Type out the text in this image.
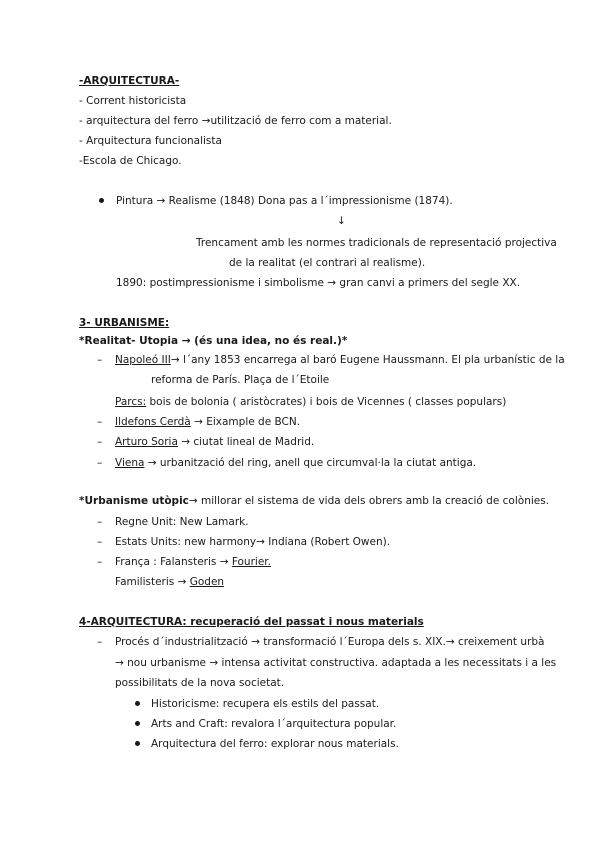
-ARQUITECTURA-
- Corrent historicista
- arquitectura del ferro →utilització de ferro com a material.
- Arquitectura funcionalista
-Escola de Chicago.
Pintura → Realisme (1848) Dona pas a l´impressionisme (1874).
↓
Trencament amb les normes tradicionals de representació projectiva
de la realitat (el contrari al realisme).
1890: postimpressionisme i simbolisme → gran canvi a primers del segle XX.
3- URBANISME:
*Realitat- Utopia → (és una idea, no és real.)*
– Napoleó III→ l´any 1853 encarrega al baró Eugene Haussmann. El pla urbanístic de la
reforma de París. Plaça de l´Etoile
Parcs: bois de bolonia ( aristòcrates) i bois de Vicennes ( classes populars)
– Ildefons Cerdà → Eixample de BCN.
– Arturo Soria → ciutat lineal de Madrid.
– Viena → urbanització del ring, anell que circumval·la la ciutat antiga.
*Urbanisme utòpic→ millorar el sistema de vida dels obrers amb la creació de colònies.
– Regne Unit: New Lamark.
– Estats Units: new harmony→ Indiana (Robert Owen).
– França : Falansteris → Fourier.
Familisteris → Goden
4-ARQUITECTURA: recuperació del passat i nous materials
– Procés d´industrialització → transformació l´Europa dels s. XIX.→ creixement urbà
→ nou urbanisme → intensa activitat constructiva. adaptada a les necessitats i a les
possibilitats de la nova societat.
Historicisme: recupera els estils del passat.
Arts and Craft: revalora l´arquitectura popular.
Arquitectura del ferro: explorar nous materials.
